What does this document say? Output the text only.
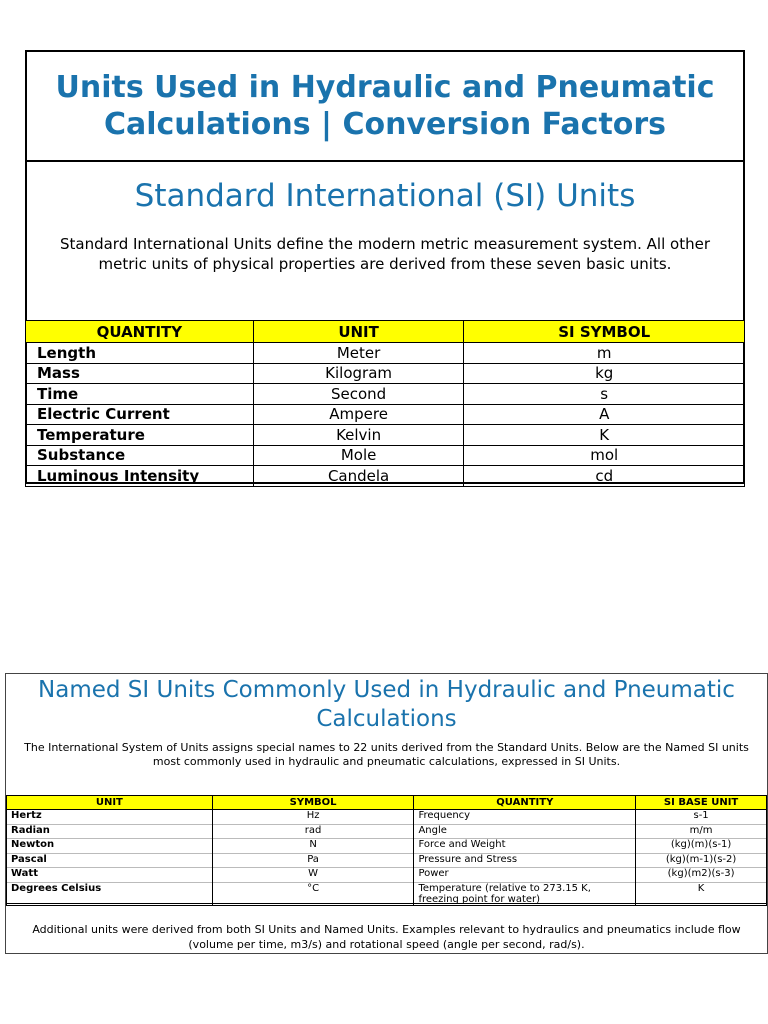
Units Used in Hydraulic and Pneumatic
Calculations | Conversion Factors
Standard International (SI) Units
Standard International Units define the modern metric measurement system. All other
metric units of physical properties are derived from these seven basic units.
QUANTITY	UNIT	SI SYMBOL
Length	Meter	m
Mass	Kilogram	kg
Time	Second	s
Electric Current	Ampere	A
Temperature	Kelvin	K
Substance	Mole	mol
Luminous Intensity	Candela	cd
Named SI Units Commonly Used in Hydraulic and Pneumatic
Calculations
The International System of Units assigns special names to 22 units derived from the Standard Units. Below are the Named SI units
most commonly used in hydraulic and pneumatic calculations, expressed in SI Units.
UNIT	SYMBOL	QUANTITY	SI BASE UNIT
Hertz	Hz	Frequency	s-1
Radian	rad	Angle	m/m
Newton	N	Force and Weight	(kg)(m)(s-1)
Pascal	Pa	Pressure and Stress	(kg)(m-1)(s-2)
Watt	W	Power	(kg)(m2)(s-3)
Degrees Celsius	°C	Temperature (relative to 273.15 K,
freezing point for water)	K
Additional units were derived from both SI Units and Named Units. Examples relevant to hydraulics and pneumatics include flow
(volume per time, m3/s) and rotational speed (angle per second, rad/s).
